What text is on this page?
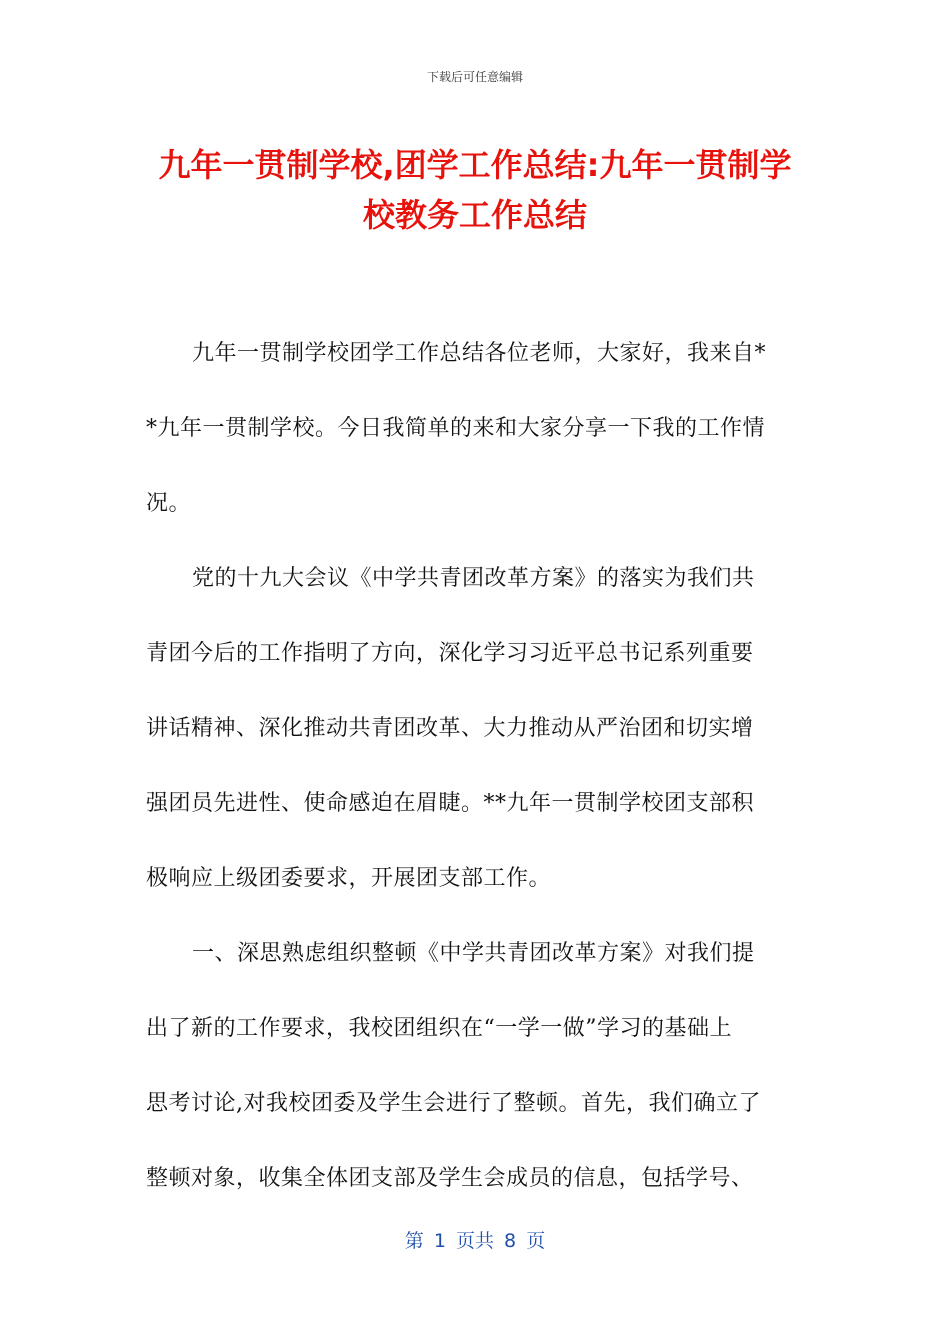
下载后可任意编辑
九年一贯制学校,团学工作总结:九年一贯制学
校教务工作总结

九年一贯制学校团学工作总结各位老师，大家好，我来自*
*九年一贯制学校。今日我简单的来和大家分享一下我的工作情
况。

党的十九大会议《中学共青团改革方案》的落实为我们共
青团今后的工作指明了方向，深化学习习近平总书记系列重要
讲话精神、深化推动共青团改革、大力推动从严治团和切实增
强团员先进性、使命感迫在眉睫。**九年一贯制学校团支部积
极响应上级团委要求，开展团支部工作。

一、深思熟虑组织整顿《中学共青团改革方案》对我们提
出了新的工作要求，我校团组织在“一学一做”学习的基础上
思考讨论,对我校团委及学生会进行了整顿。首先，我们确立了
整顿对象，收集全体团支部及学生会成员的信息，包括学号、

第 1 页共 8 页
